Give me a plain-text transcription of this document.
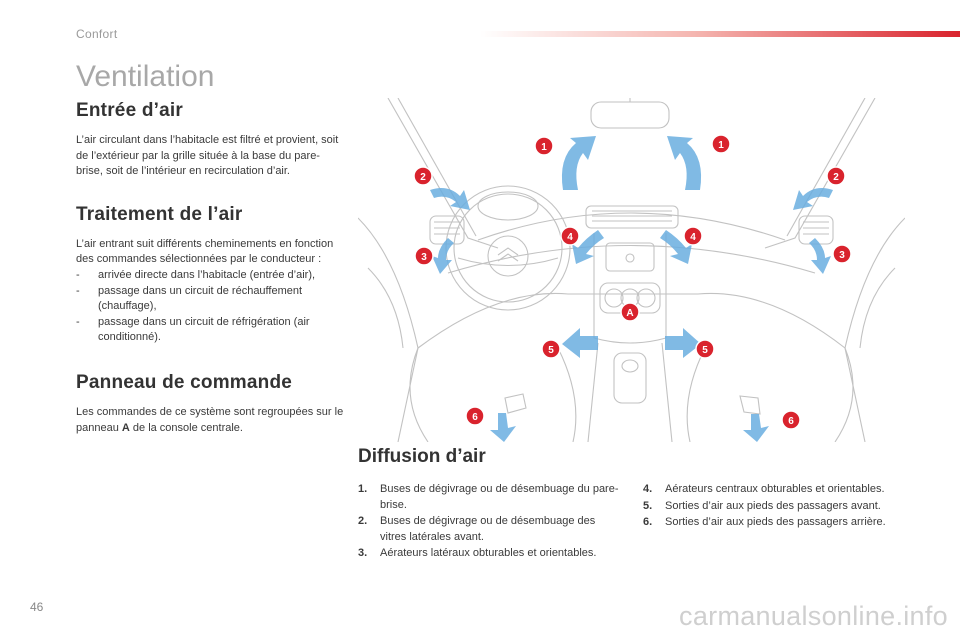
Confort
Ventilation
Entrée d’air

L’air circulant dans l’habitacle est filtré et provient, soit de l’extérieur par la grille située à la base du pare-brise, soit de l’intérieur en recirculation d’air.

Traitement de l’air

L’air entrant suit différents cheminements en fonction des commandes sélectionnées par le conducteur :

- arrivée directe dans l’habitacle (entrée d’air),
- passage dans un circuit de réchauffement (chauffage),
- passage dans un circuit de réfrigération (air conditionné).
Panneau de commande

Les commandes de ce système sont regroupées sur le panneau A de la console centrale.

1	1
2	2
3	3
4	4
A
5	5
6	6
Diffusion d’air
1.	Buses de dégivrage ou de désembuage du pare-brise.
2.	Buses de dégivrage ou de désembuage des vitres latérales avant.
3.	Aérateurs latéraux obturables et orientables.
4.	Aérateurs centraux obturables et orientables.
5.	Sorties d’air aux pieds des passagers avant.
6.	Sorties d’air aux pieds des passagers arrière.
46	carmanualsonline.info
